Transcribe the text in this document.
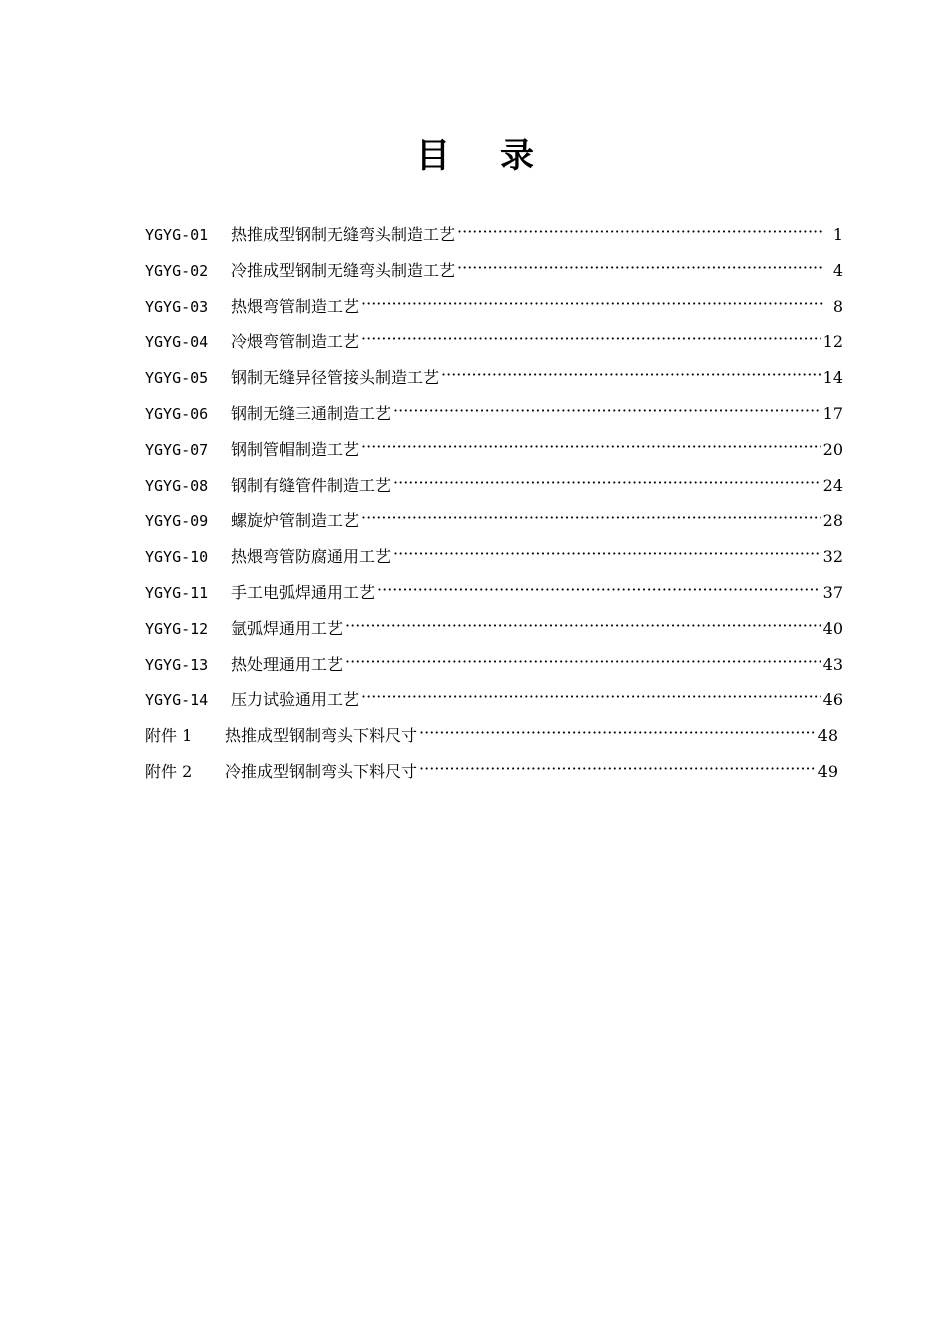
目 录
YGYG-01	热推成型钢制无缝弯头制造工艺 ·····	1
YGYG-02	冷推成型钢制无缝弯头制造工艺 ·····	4
YGYG-03	热煨弯管制造工艺 ·····	8
YGYG-04	冷煨弯管制造工艺 ·····	12
YGYG-05	钢制无缝异径管接头制造工艺 ·····	14
YGYG-06	钢制无缝三通制造工艺 ·····	17
YGYG-07	钢制管帽制造工艺 ·····	20
YGYG-08	钢制有缝管件制造工艺 ·····	24
YGYG-09	螺旋炉管制造工艺 ·····	28
YGYG-10	热煨弯管防腐通用工艺 ·····	32
YGYG-11	手工电弧焊通用工艺 ·····	37
YGYG-12	氩弧焊通用工艺 ·····	40
YGYG-13	热处理通用工艺 ·····	43
YGYG-14	压力试验通用工艺 ·····	46
附件 1	热推成型钢制弯头下料尺寸 ·····	48
附件 2	冷推成型钢制弯头下料尺寸 ·····	49
